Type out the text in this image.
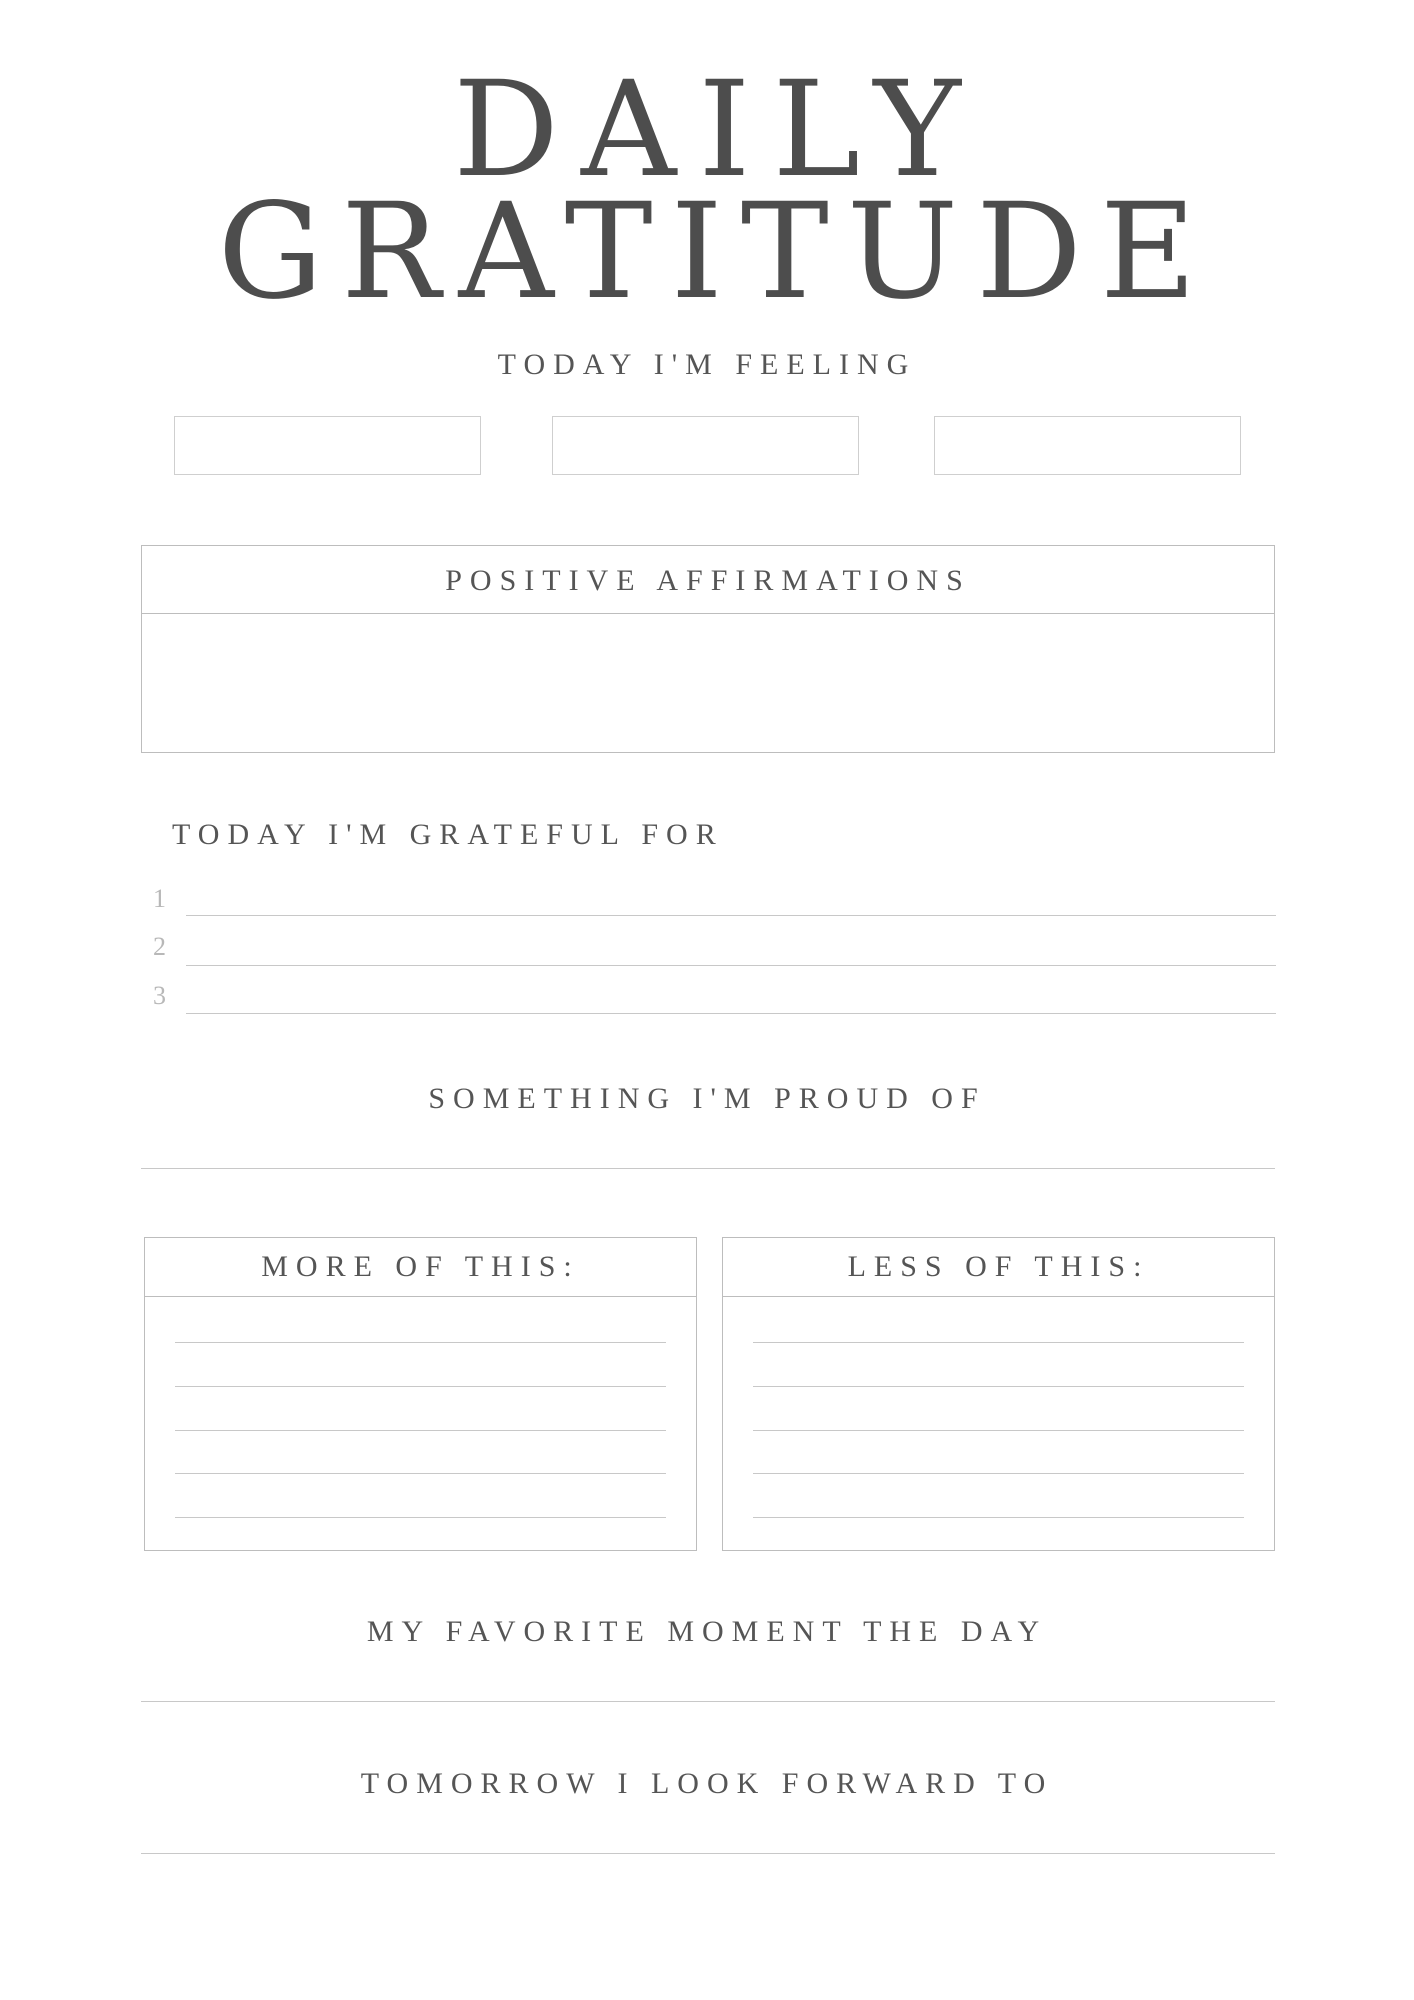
DAILY
GRATITUDE
TODAY I'M FEELING
POSITIVE AFFIRMATIONS
TODAY I'M GRATEFUL FOR
1
2
3
SOMETHING I'M PROUD OF
MORE OF THIS:	LESS OF THIS:
MY FAVORITE MOMENT THE DAY
TOMORROW I LOOK FORWARD TO
